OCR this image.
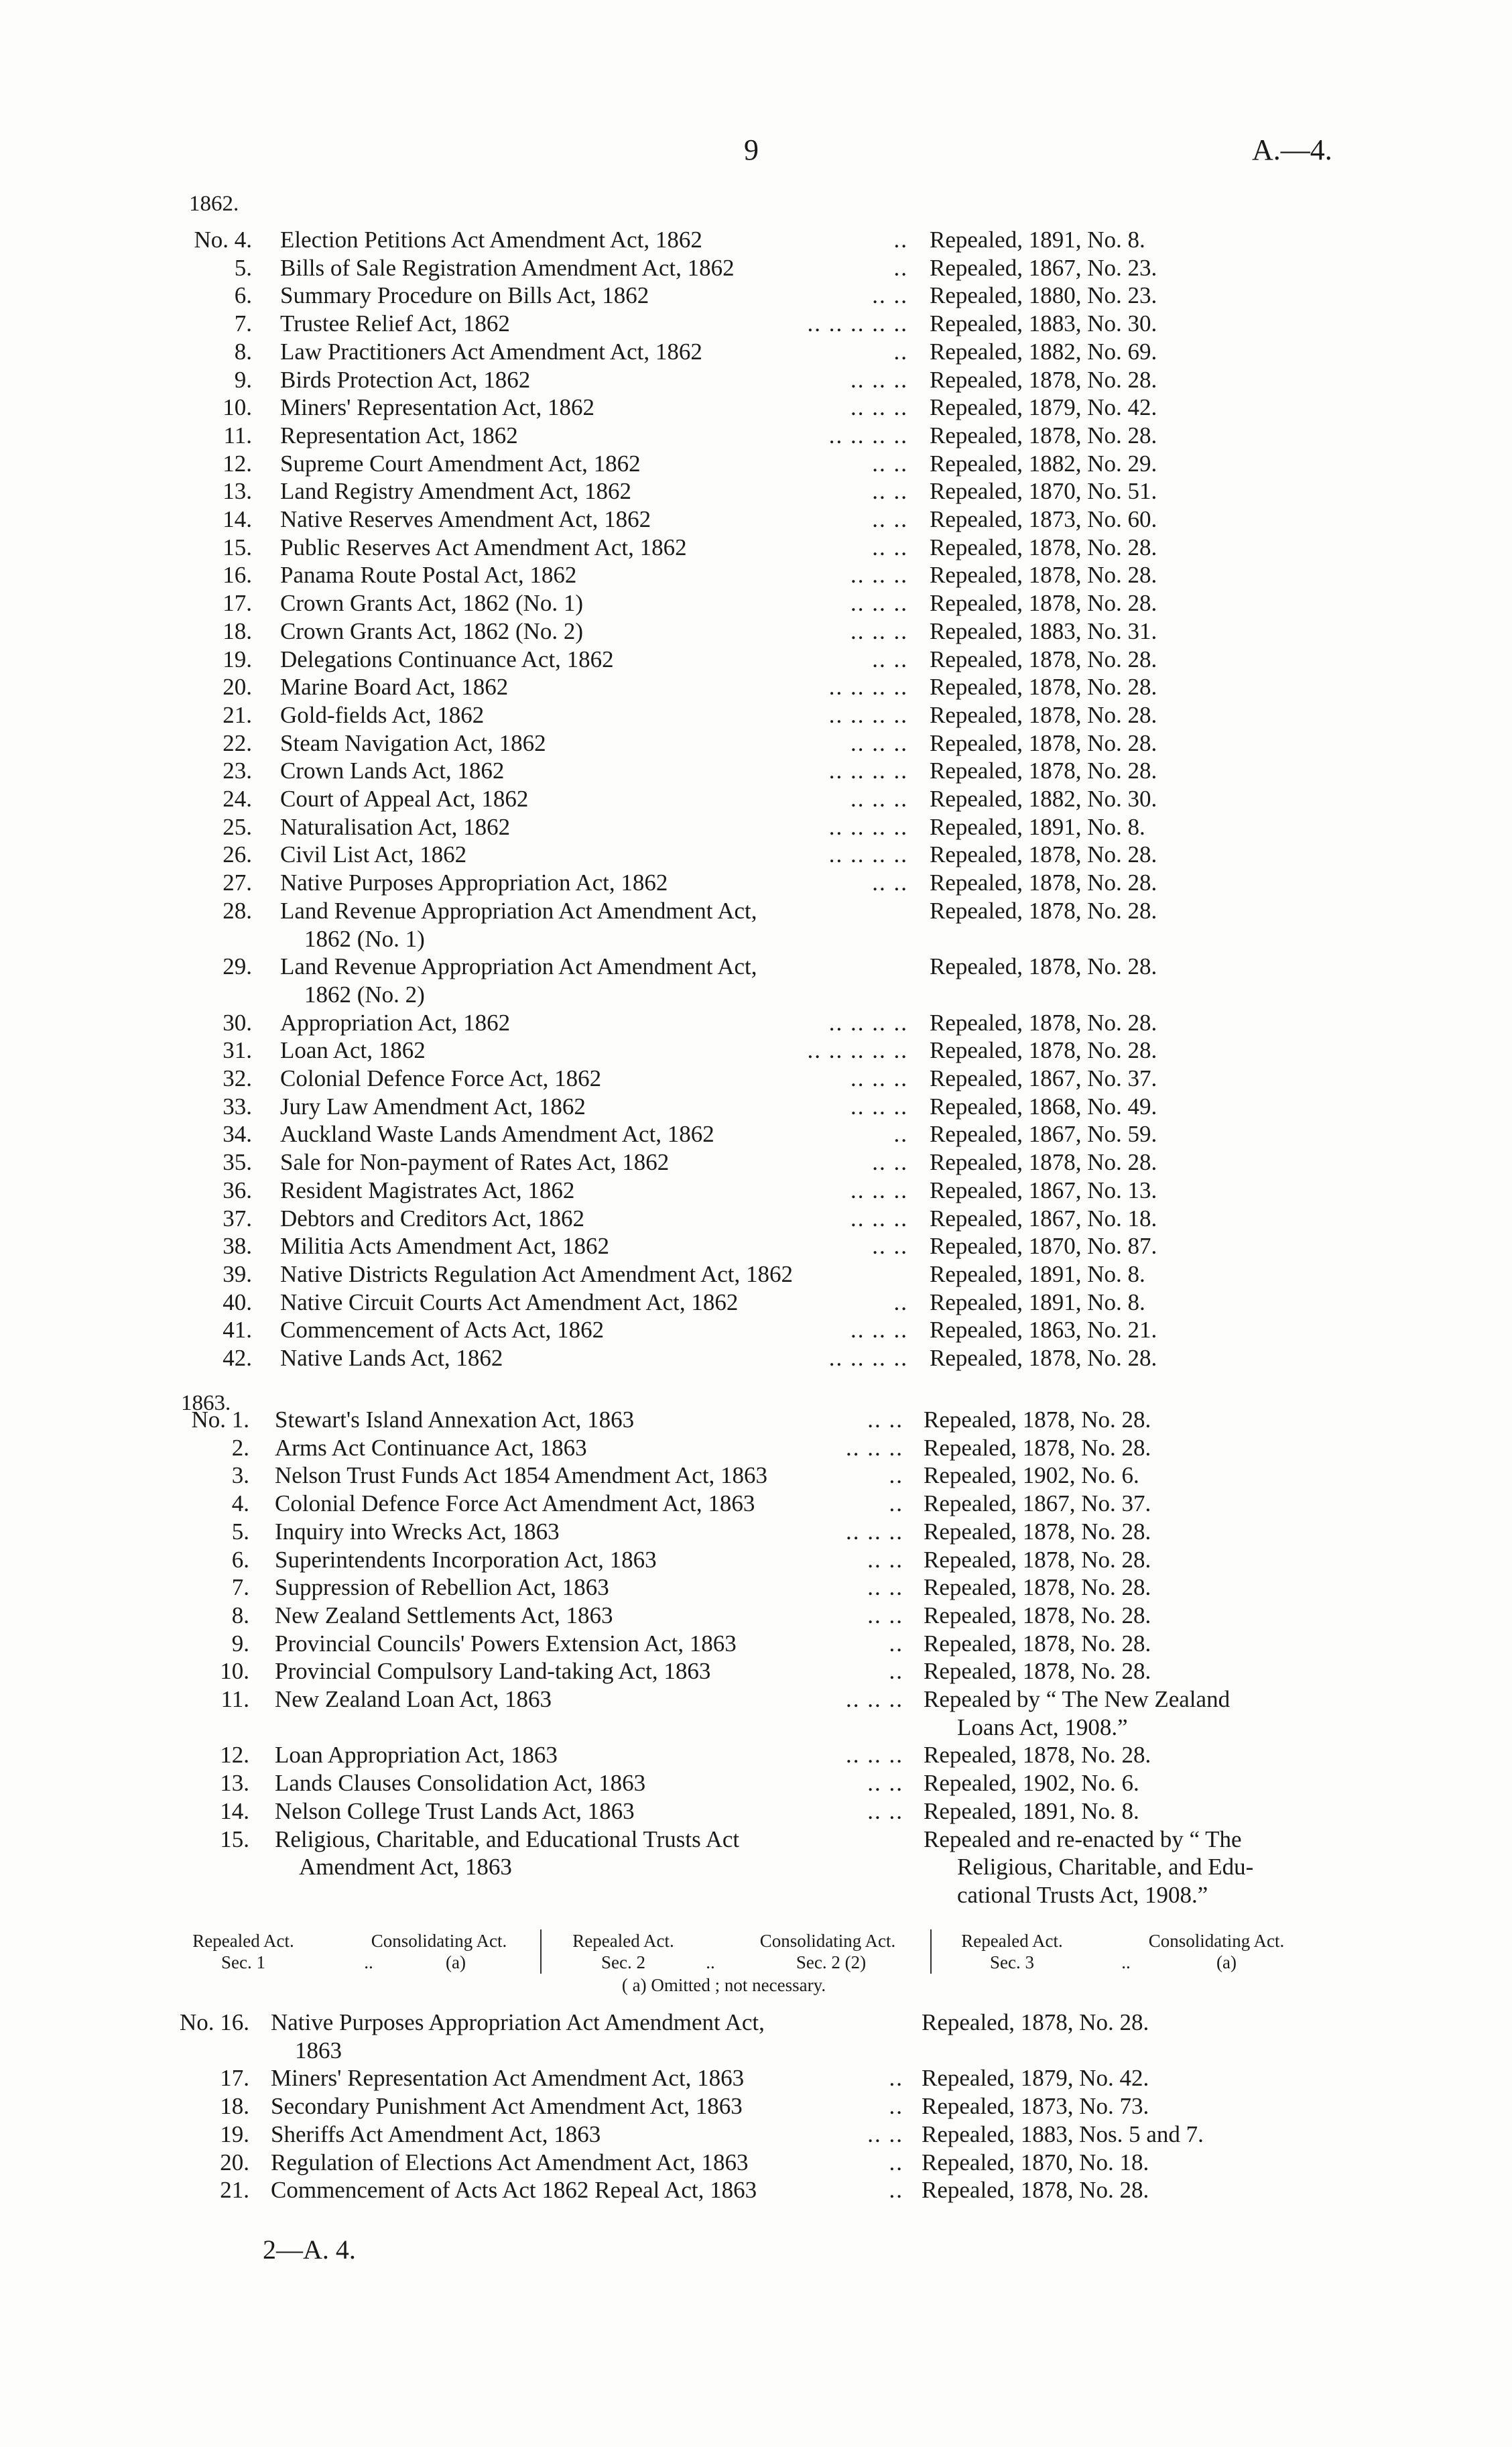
9	A.—4.
1862.
No. 4. Election Petitions Act Amendment Act, 1862	.. Repealed, 1891, No. 8.
5. Bills of Sale Registration Amendment Act, 1862	.. Repealed, 1867, No. 23.
6. Summary Procedure on Bills Act, 1862	.. .. Repealed, 1880, No. 23.
7. Trustee Relief Act, 1862	.. .. .. .. .. Repealed, 1883, No. 30.
8. Law Practitioners Act Amendment Act, 1862	.. Repealed, 1882, No. 69.
9. Birds Protection Act, 1862	.. .. .. Repealed, 1878, No. 28.
10. Miners' Representation Act, 1862	.. .. .. Repealed, 1879, No. 42.
11. Representation Act, 1862	.. .. .. .. Repealed, 1878, No. 28.
12. Supreme Court Amendment Act, 1862	.. .. Repealed, 1882, No. 29.
13. Land Registry Amendment Act, 1862	.. .. Repealed, 1870, No. 51.
14. Native Reserves Amendment Act, 1862	.. .. Repealed, 1873, No. 60.
15. Public Reserves Act Amendment Act, 1862	.. .. Repealed, 1878, No. 28.
16. Panama Route Postal Act, 1862	.. .. .. Repealed, 1878, No. 28.
17. Crown Grants Act, 1862 (No. 1)	.. .. .. Repealed, 1878, No. 28.
18. Crown Grants Act, 1862 (No. 2)	.. .. .. Repealed, 1883, No. 31.
19. Delegations Continuance Act, 1862	.. .. Repealed, 1878, No. 28.
20. Marine Board Act, 1862	.. .. .. .. Repealed, 1878, No. 28.
21. Gold-fields Act, 1862	.. .. .. .. Repealed, 1878, No. 28.
22. Steam Navigation Act, 1862	.. .. .. Repealed, 1878, No. 28.
23. Crown Lands Act, 1862	.. .. .. .. Repealed, 1878, No. 28.
24. Court of Appeal Act, 1862	.. .. .. Repealed, 1882, No. 30.
25. Naturalisation Act, 1862	.. .. .. .. Repealed, 1891, No. 8.
26. Civil List Act, 1862	.. .. .. .. Repealed, 1878, No. 28.
27. Native Purposes Appropriation Act, 1862	.. .. Repealed, 1878, No. 28.
28. Land Revenue Appropriation Act Amendment Act,	Repealed, 1878, No. 28.
1862 (No. 1)
29. Land Revenue Appropriation Act Amendment Act,	Repealed, 1878, No. 28.
1862 (No. 2)
30. Appropriation Act, 1862	.. .. .. .. Repealed, 1878, No. 28.
31. Loan Act, 1862	.. .. .. .. .. Repealed, 1878, No. 28.
32. Colonial Defence Force Act, 1862	.. .. .. Repealed, 1867, No. 37.
33. Jury Law Amendment Act, 1862	.. .. .. Repealed, 1868, No. 49.
34. Auckland Waste Lands Amendment Act, 1862	.. Repealed, 1867, No. 59.
35. Sale for Non-payment of Rates Act, 1862	.. .. Repealed, 1878, No. 28.
36. Resident Magistrates Act, 1862	.. .. .. Repealed, 1867, No. 13.
37. Debtors and Creditors Act, 1862	.. .. .. Repealed, 1867, No. 18.
38. Militia Acts Amendment Act, 1862	.. .. Repealed, 1870, No. 87.
39. Native Districts Regulation Act Amendment Act, 1862	Repealed, 1891, No. 8.
40. Native Circuit Courts Act Amendment Act, 1862	.. Repealed, 1891, No. 8.
41. Commencement of Acts Act, 1862	.. .. .. Repealed, 1863, No. 21.
42. Native Lands Act, 1862	.. .. .. .. Repealed, 1878, No. 28.
1863.
No. 1. Stewart's Island Annexation Act, 1863	.. .. Repealed, 1878, No. 28.
2. Arms Act Continuance Act, 1863	.. .. .. Repealed, 1878, No. 28.
3. Nelson Trust Funds Act 1854 Amendment Act, 1863	.. Repealed, 1902, No. 6.
4. Colonial Defence Force Act Amendment Act, 1863	.. Repealed, 1867, No. 37.
5. Inquiry into Wrecks Act, 1863	.. .. .. Repealed, 1878, No. 28.
6. Superintendents Incorporation Act, 1863	.. .. Repealed, 1878, No. 28.
7. Suppression of Rebellion Act, 1863	.. .. Repealed, 1878, No. 28.
8. New Zealand Settlements Act, 1863	.. .. Repealed, 1878, No. 28.
9. Provincial Councils' Powers Extension Act, 1863	.. Repealed, 1878, No. 28.
10. Provincial Compulsory Land-taking Act, 1863	.. Repealed, 1878, No. 28.
11. New Zealand Loan Act, 1863	.. .. .. Repealed by “ The New Zealand
Loans Act, 1908.”
12. Loan Appropriation Act, 1863	.. .. .. Repealed, 1878, No. 28.
13. Lands Clauses Consolidation Act, 1863	.. .. Repealed, 1902, No. 6.
14. Nelson College Trust Lands Act, 1863	.. .. Repealed, 1891, No. 8.
15. Religious, Charitable, and Educational Trusts Act	Repealed and re-enacted by “ The
Amendment Act, 1863	Religious, Charitable, and Edu-
cational Trusts Act, 1908.”
Repealed Act.	Consolidating Act.	Repealed Act.	Consolidating Act.	Repealed Act.	Consolidating Act.
Sec. 1	..	(a)	Sec. 2	..	Sec. 2 (2)	Sec. 3	..	(a)
( a) Omitted ; not necessary.
No. 16. Native Purposes Appropriation Act Amendment Act,	Repealed, 1878, No. 28.
1863
17. Miners' Representation Act Amendment Act, 1863	.. Repealed, 1879, No. 42.
18. Secondary Punishment Act Amendment Act, 1863	.. Repealed, 1873, No. 73.
19. Sheriffs Act Amendment Act, 1863	.. .. Repealed, 1883, Nos. 5 and 7.
20. Regulation of Elections Act Amendment Act, 1863	.. Repealed, 1870, No. 18.
21. Commencement of Acts Act 1862 Repeal Act, 1863	.. Repealed, 1878, No. 28.
2—A. 4.
